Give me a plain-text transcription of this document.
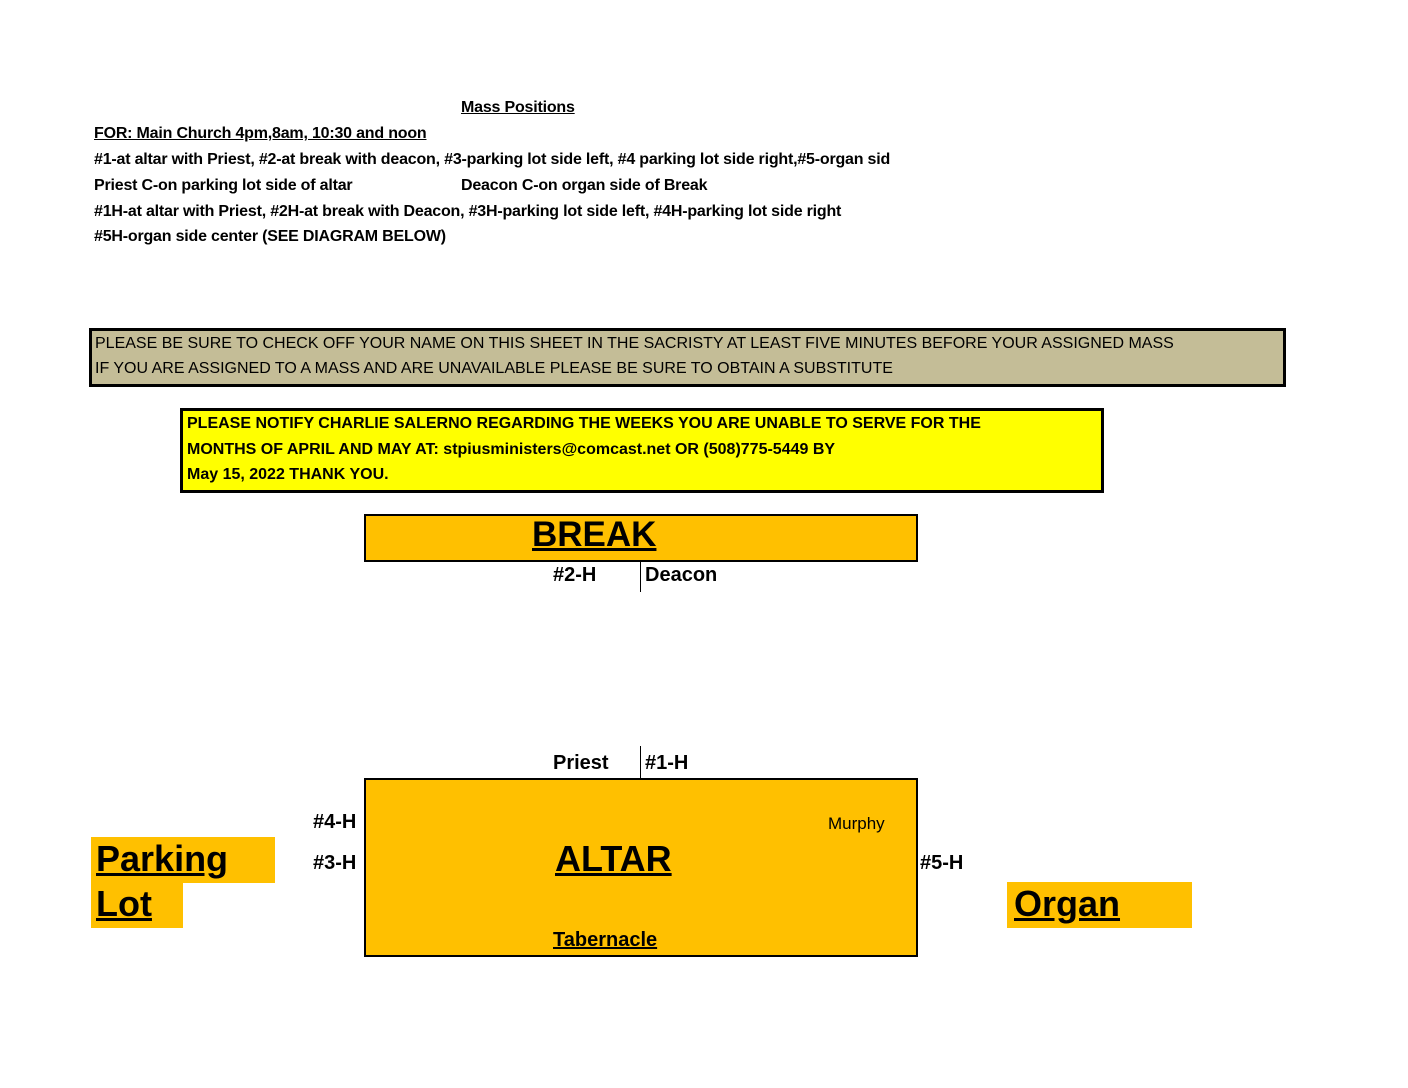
Mass Positions
FOR: Main Church 4pm,8am, 10:30 and noon
#1-at altar with Priest, #2-at break with deacon, #3-parking lot side left, #4 parking lot side right,#5-organ sid
Priest C-on parking lot side of altar	Deacon C-on organ side of Break
#1H-at altar with Priest, #2H-at break with Deacon, #3H-parking lot side left, #4H-parking lot side right
#5H-organ side center (SEE DIAGRAM BELOW)
PLEASE BE SURE TO CHECK OFF YOUR NAME ON THIS SHEET IN THE SACRISTY AT LEAST FIVE MINUTES BEFORE YOUR ASSIGNED MASS
IF YOU ARE ASSIGNED TO A MASS AND ARE UNAVAILABLE PLEASE BE SURE TO OBTAIN A SUBSTITUTE
PLEASE NOTIFY CHARLIE SALERNO REGARDING THE WEEKS YOU ARE UNABLE TO SERVE FOR THE
MONTHS OF APRIL AND MAY AT: stpiusministers@comcast.net OR (508)775-5449 BY
May 15, 2022 THANK YOU.
BREAK
#2-H Deacon
Priest #1-H
ALTAR
Murphy
Tabernacle
#4-H
#3-H	#5-H
Parking
Lot	Organ
